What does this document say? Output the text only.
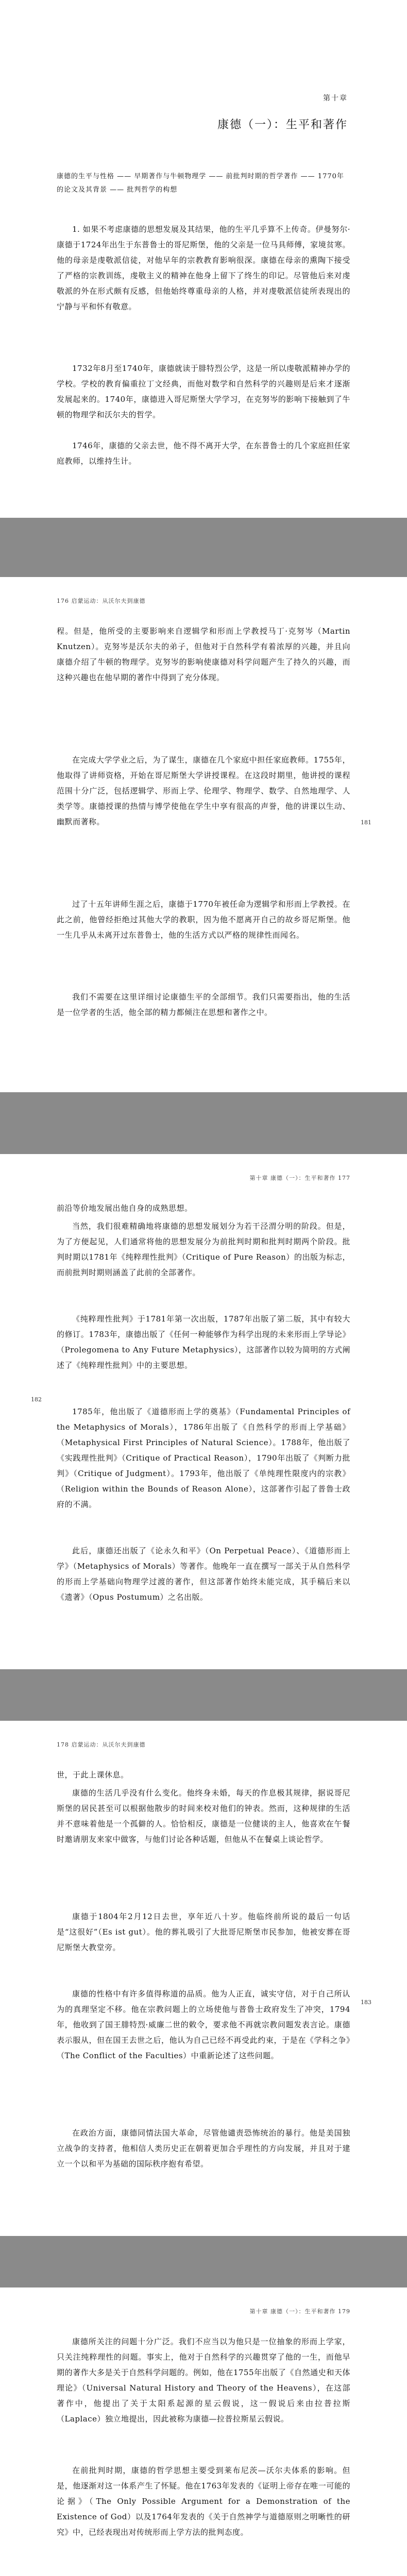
第十章
康德（一）：生平和著作
康德的生平与性格 —— 早期著作与牛顿物理学 —— 前批判时期的哲学著作 —— 1770年的论文及其背景 —— 批判哲学的构想

1. 如果不考虑康德的思想发展及其结果，他的生平几乎算不上传奇。伊曼努尔·康德于1724年出生于东普鲁士的哥尼斯堡，他的父亲是一位马具师傅，家境贫寒。他的母亲是虔敬派信徒，对他早年的宗教教育影响很深。康德在母亲的熏陶下接受了严格的宗教训练，虔敬主义的精神在他身上留下了终生的印记。尽管他后来对虔敬派的外在形式颇有反感，但他始终尊重母亲的人格，并对虔敬派信徒所表现出的宁静与平和怀有敬意。

1732年8月至1740年，康德就读于腓特烈公学，这是一所以虔敬派精神办学的学校。学校的教育偏重拉丁文经典，而他对数学和自然科学的兴趣则是后来才逐渐发展起来的。1740年，康德进入哥尼斯堡大学学习，在克努岑的影响下接触到了牛顿的物理学和沃尔夫的哲学。

1746年，康德的父亲去世，他不得不离开大学，在东普鲁士的几个家庭担任家庭教师，以维持生计。

176 启蒙运动：从沃尔夫到康德
181

程。但是，他所受的主要影响来自逻辑学和形而上学教授马丁·克努岑（Martin Knutzen）。克努岑是沃尔夫的弟子，但他对于自然科学有着浓厚的兴趣，并且向康德介绍了牛顿的物理学。克努岑的影响使康德对科学问题产生了持久的兴趣，而这种兴趣也在他早期的著作中得到了充分体现。

在完成大学学业之后，为了谋生，康德在几个家庭中担任家庭教师。1755年，他取得了讲师资格，开始在哥尼斯堡大学讲授课程。在这段时期里，他讲授的课程范围十分广泛，包括逻辑学、形而上学、伦理学、物理学、数学、自然地理学、人类学等。康德授课的热情与博学使他在学生中享有很高的声誉，他的讲课以生动、幽默而著称。

过了十五年讲师生涯之后，康德于1770年被任命为逻辑学和形而上学教授。在此之前，他曾经拒绝过其他大学的教职，因为他不愿离开自己的故乡哥尼斯堡。他一生几乎从未离开过东普鲁士，他的生活方式以严格的规律性而闻名。

我们不需要在这里详细讨论康德生平的全部细节。我们只需要指出，他的生活是一位学者的生活，他全部的精力都倾注在思想和著作之中。

第十章 康德（一）：生平和著作 177
182

前沿等价地发展出他自身的成熟思想。

当然，我们很难精确地将康德的思想发展划分为若干泾渭分明的阶段。但是，为了方便起见，人们通常将他的思想发展分为前批判时期和批判时期两个阶段。批判时期以1781年《纯粹理性批判》（Critique of Pure Reason）的出版为标志，而前批判时期则涵盖了此前的全部著作。

《纯粹理性批判》于1781年第一次出版，1787年出版了第二版，其中有较大的修订。1783年，康德出版了《任何一种能够作为科学出现的未来形而上学导论》（Prolegomena to Any Future Metaphysics），这部著作以较为简明的方式阐述了《纯粹理性批判》中的主要思想。

1785年，他出版了《道德形而上学的奠基》（Fundamental Principles of the Metaphysics of Morals），1786年出版了《自然科学的形而上学基础》（Metaphysical First Principles of Natural Science）。1788年，他出版了《实践理性批判》（Critique of Practical Reason），1790年出版了《判断力批判》（Critique of Judgment）。1793年，他出版了《单纯理性限度内的宗教》（Religion within the Bounds of Reason Alone），这部著作引起了普鲁士政府的不满。

此后，康德还出版了《论永久和平》（On Perpetual Peace）、《道德形而上学》（Metaphysics of Morals）等著作。他晚年一直在撰写一部关于从自然科学的形而上学基础向物理学过渡的著作，但这部著作始终未能完成，其手稿后来以《遗著》（Opus Postumum）之名出版。

178 启蒙运动：从沃尔夫到康德
183

世，于此上课休息。

康德的生活几乎没有什么变化。他终身未婚，每天的作息极其规律，据说哥尼斯堡的居民甚至可以根据他散步的时间来校对他们的钟表。然而，这种规律的生活并不意味着他是一个孤僻的人。恰恰相反，康德是一位健谈的主人，他喜欢在午餐时邀请朋友来家中做客，与他们讨论各种话题，但他从不在餐桌上谈论哲学。

康德于1804年2月12日去世，享年近八十岁。他临终前所说的最后一句话是“这很好”（Es ist gut）。他的葬礼吸引了大批哥尼斯堡市民参加，他被安葬在哥尼斯堡大教堂旁。

康德的性格中有许多值得称道的品质。他为人正直，诚实守信，对于自己所认为的真理坚定不移。他在宗教问题上的立场使他与普鲁士政府发生了冲突，1794年，他收到了国王腓特烈·威廉二世的敕令，要求他不再就宗教问题发表言论。康德表示服从，但在国王去世之后，他认为自己已经不再受此约束，于是在《学科之争》（The Conflict of the Faculties）中重新论述了这些问题。

在政治方面，康德同情法国大革命，尽管他谴责恐怖统治的暴行。他是美国独立战争的支持者，他相信人类历史正在朝着更加合乎理性的方向发展，并且对于建立一个以和平为基础的国际秩序抱有希望。

第十章 康德（一）：生平和著作 179

康德所关注的问题十分广泛。我们不应当以为他只是一位抽象的形而上学家，只关注纯粹理性的问题。事实上，他对于自然科学的兴趣贯穿了他的一生，而他早期的著作大多是关于自然科学问题的。例如，他在1755年出版了《自然通史和天体理论》（Universal Natural History and Theory of the Heavens），在这部著作中，他提出了关于太阳系起源的星云假说，这一假说后来由拉普拉斯（Laplace）独立地提出，因此被称为康德—拉普拉斯星云假说。

在前批判时期，康德的哲学思想主要受到莱布尼茨—沃尔夫体系的影响。但是，他逐渐对这一体系产生了怀疑。他在1763年发表的《证明上帝存在唯一可能的论据》（The Only Possible Argument for a Demonstration of the Existence of God）以及1764年发表的《关于自然神学与道德原则之明晰性的研究》中，已经表现出对传统形而上学方法的批判态度。
